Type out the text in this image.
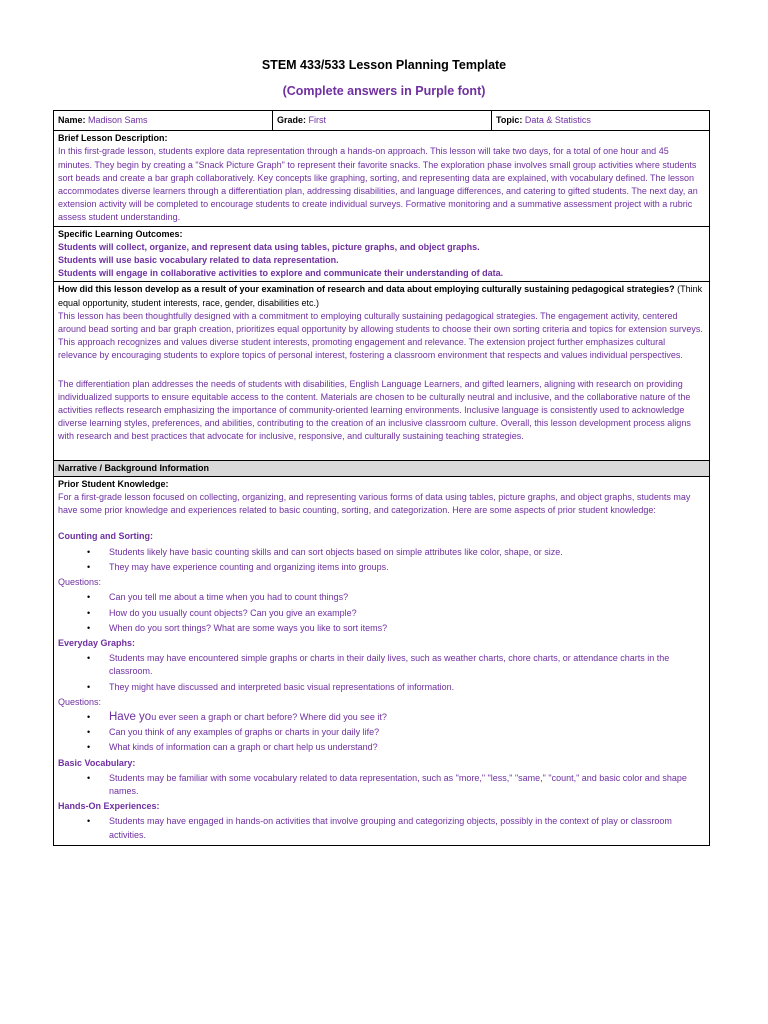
STEM 433/533 Lesson Planning Template
(Complete answers in Purple font)
Name: Madison Sams	Grade: First	Topic: Data & Statistics

Brief Lesson Description:
In this first-grade lesson, students explore data representation through a hands-on approach. This lesson will take two days, for a total of one hour and 45 minutes. They begin by creating a "Snack Picture Graph" to represent their favorite snacks. The exploration phase involves small group activities where students sort beads and create a bar graph collaboratively. Key concepts like graphing, sorting, and representing data are explained, with vocabulary defined. The lesson accommodates diverse learners through a differentiation plan, addressing disabilities, and language differences, and catering to gifted students. The next day, an extension activity will be completed to encourage students to create individual surveys. Formative monitoring and a summative assessment project with a rubric assess student understanding.

Specific Learning Outcomes:
Students will collect, organize, and represent data using tables, picture graphs, and object graphs.
Students will use basic vocabulary related to data representation.
Students will engage in collaborative activities to explore and communicate their understanding of data.

How did this lesson develop as a result of your examination of research and data about employing culturally sustaining pedagogical strategies? (Think equal opportunity, student interests, race, gender, disabilities etc.)
This lesson has been thoughtfully designed with a commitment to employing culturally sustaining pedagogical strategies. The engagement activity, centered around bead sorting and bar graph creation, prioritizes equal opportunity by allowing students to choose their own sorting criteria and topics for extension surveys. This approach recognizes and values diverse student interests, promoting engagement and relevance. The extension project further emphasizes cultural relevance by encouraging students to explore topics of personal interest, fostering a classroom environment that respects and values individual perspectives.
The differentiation plan addresses the needs of students with disabilities, English Language Learners, and gifted learners, aligning with research on providing individualized supports to ensure equitable access to the content. Materials are chosen to be culturally neutral and inclusive, and the collaborative nature of the activities reflects research emphasizing the importance of community-oriented learning environments. Inclusive language is consistently used to acknowledge diverse learning styles, preferences, and abilities, contributing to the creation of an inclusive classroom culture. Overall, this lesson development process aligns with research and best practices that advocate for inclusive, responsive, and culturally sustaining teaching strategies.

Narrative / Background Information

Prior Student Knowledge:
For a first-grade lesson focused on collecting, organizing, and representing various forms of data using tables, picture graphs, and object graphs, students may have some prior knowledge and experiences related to basic counting, sorting, and categorization. Here are some aspects of prior student knowledge:
Counting and Sorting:
• Students likely have basic counting skills and can sort objects based on simple attributes like color, shape, or size.
• They may have experience counting and organizing items into groups.
Questions:
• Can you tell me about a time when you had to count things?
• How do you usually count objects? Can you give an example?
• When do you sort things? What are some ways you like to sort items?
Everyday Graphs:
• Students may have encountered simple graphs or charts in their daily lives, such as weather charts, chore charts, or attendance charts in the classroom.
• They might have discussed and interpreted basic visual representations of information.
Questions:
• Have you ever seen a graph or chart before? Where did you see it?
• Can you think of any examples of graphs or charts in your daily life?
• What kinds of information can a graph or chart help us understand?
Basic Vocabulary:
• Students may be familiar with some vocabulary related to data representation, such as "more," "less," "same," "count," and basic color and shape names.
Hands-On Experiences:
• Students may have engaged in hands-on activities that involve grouping and categorizing objects, possibly in the context of play or classroom activities.
